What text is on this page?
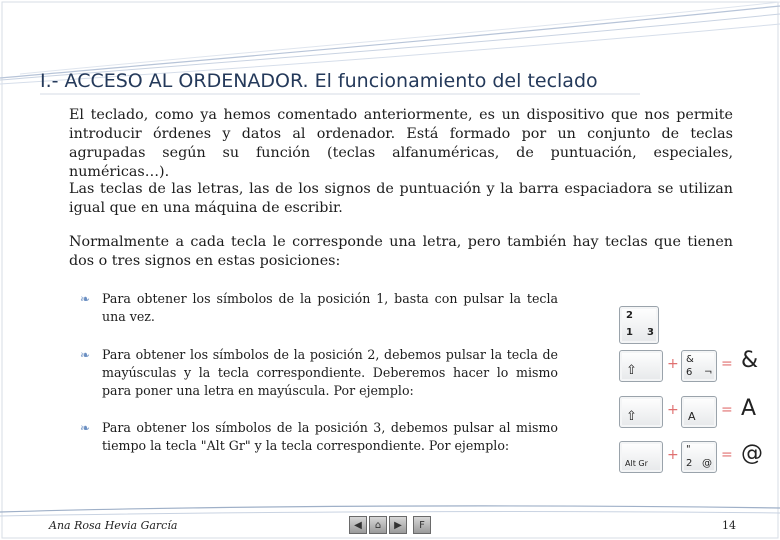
I.- ACCESO AL ORDENADOR. El funcionamiento del teclado

El teclado, como ya hemos comentado anteriormente, es un dispositivo que nos permite introducir órdenes y datos al ordenador. Está formado por un conjunto de teclas agrupadas según su función (teclas alfanuméricas, de puntuación, especiales, numéricas…).

Las teclas de las letras, las de los signos de puntuación y la barra espaciadora se utilizan igual que en una máquina de escribir.

Normalmente a cada tecla le corresponde una letra, pero también hay teclas que tienen dos o tres signos en estas posiciones:

❧ Para obtener los símbolos de la posición 1, basta con pulsar la tecla una vez.
❧ Para obtener los símbolos de la posición 2, debemos pulsar la tecla de mayúsculas y la tecla correspondiente. Deberemos hacer lo mismo para poner una letra en mayúscula. Por ejemplo:
❧ Para obtener los símbolos de la posición 3, debemos pulsar al mismo tiempo la tecla "Alt Gr" y la tecla correspondiente. Por ejemplo:
2
1 3
⇧ + &
6 ¬
= &
⇧ + A = A
Alt Gr
+ "
2 @
= @
Ana Rosa Hevia García	◀	⌂	▶	F	14
